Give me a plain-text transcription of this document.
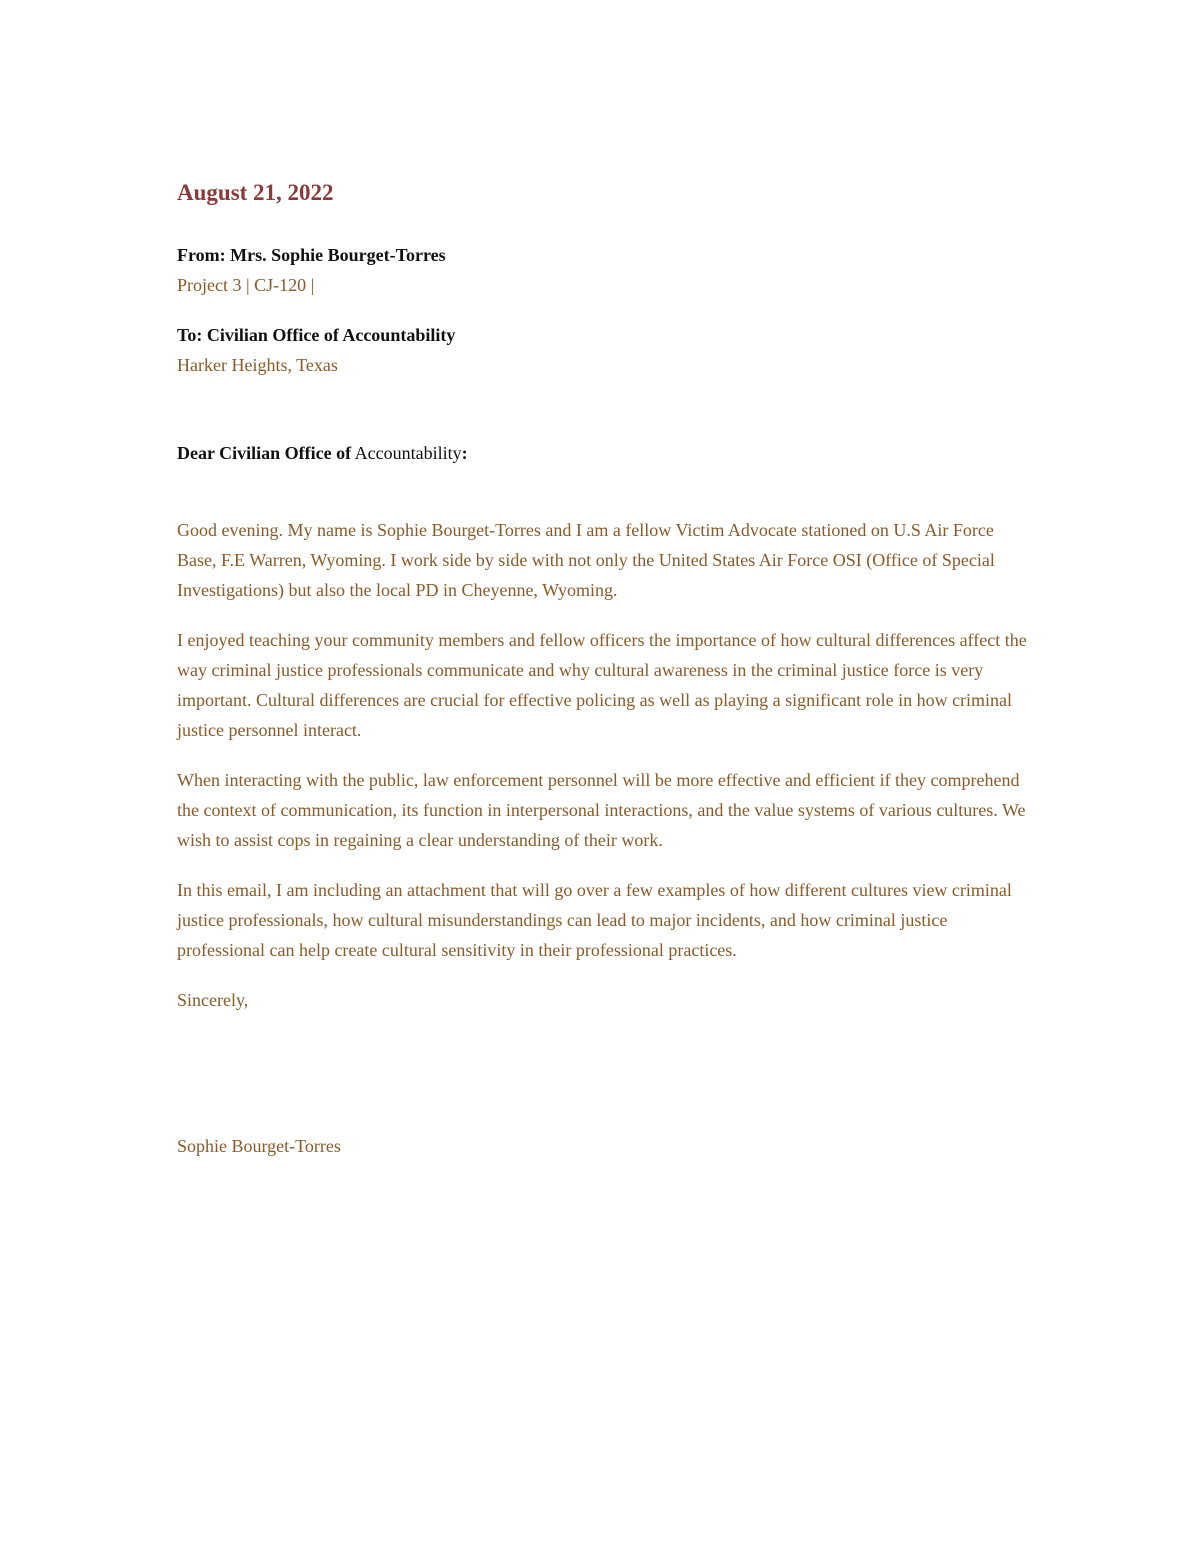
August 21, 2022

From: Mrs. Sophie Bourget-Torres

Project 3 | CJ-120 |

To: Civilian Office of Accountability

Harker Heights, Texas

Dear Civilian Office of Accountability:

Good evening. My name is Sophie Bourget-Torres and I am a fellow Victim Advocate stationed on U.S Air Force Base, F.E Warren, Wyoming. I work side by side with not only the United States Air Force OSI (Office of Special Investigations) but also the local PD in Cheyenne, Wyoming.

I enjoyed teaching your community members and fellow officers the importance of how cultural differences affect the way criminal justice professionals communicate and why cultural awareness in the criminal justice force is very important. Cultural differences are crucial for effective policing as well as playing a significant role in how criminal justice personnel interact.

When interacting with the public, law enforcement personnel will be more effective and efficient if they comprehend the context of communication, its function in interpersonal interactions, and the value systems of various cultures. We wish to assist cops in regaining a clear understanding of their work.

In this email, I am including an attachment that will go over a few examples of how different cultures view criminal justice professionals, how cultural misunderstandings can lead to major incidents, and how criminal justice professional can help create cultural sensitivity in their professional practices.

Sincerely,

Sophie Bourget-Torres
